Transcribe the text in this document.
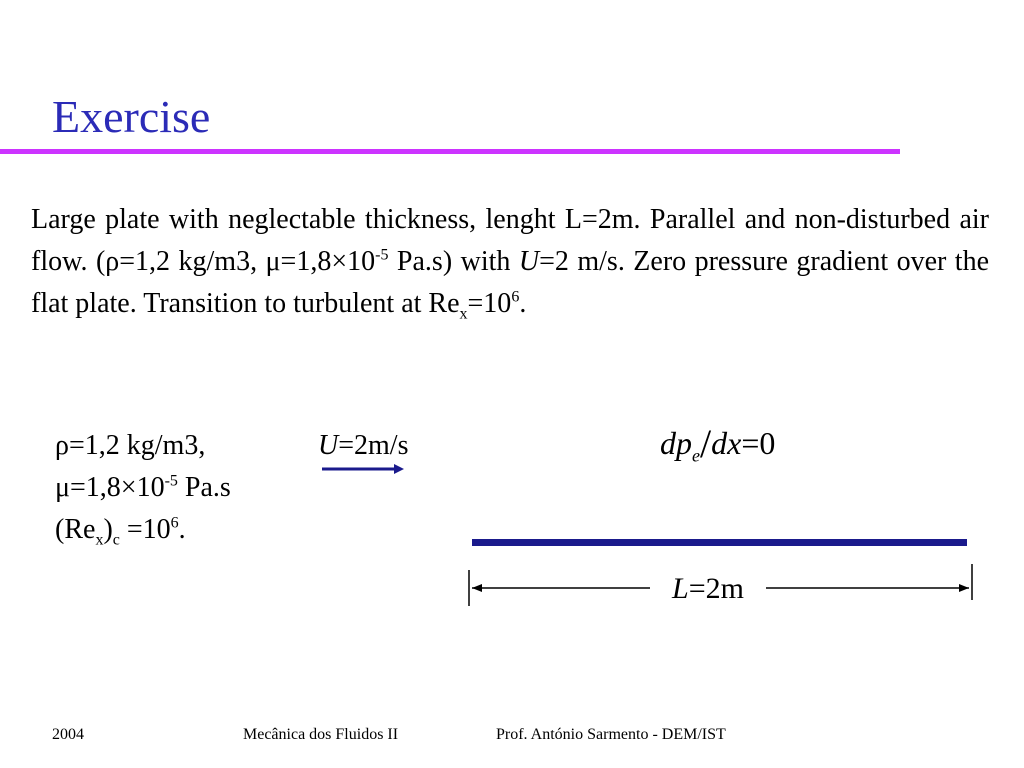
Exercise
Large plate with neglectable thickness, lenght L=2m. Parallel and non-disturbed air flow. (ρ=1,2 kg/m3, $\mu=1,8\times 10^{-5}$ Pa.s) with U=2 m/s. Zero pressure gradient over the flat plate. Transition to turbulent at $Re_x=10^6$.
ρ=1,2 kg/m3,
$\mu=1,8\times 10^{-5}$ Pa.s
$(Re_x)_c =10^6$.
U=2m/s	$dp_e/dx=0$
L=2m
2004	Mecânica dos Fluidos II	Prof. António Sarmento - DEM/IST
